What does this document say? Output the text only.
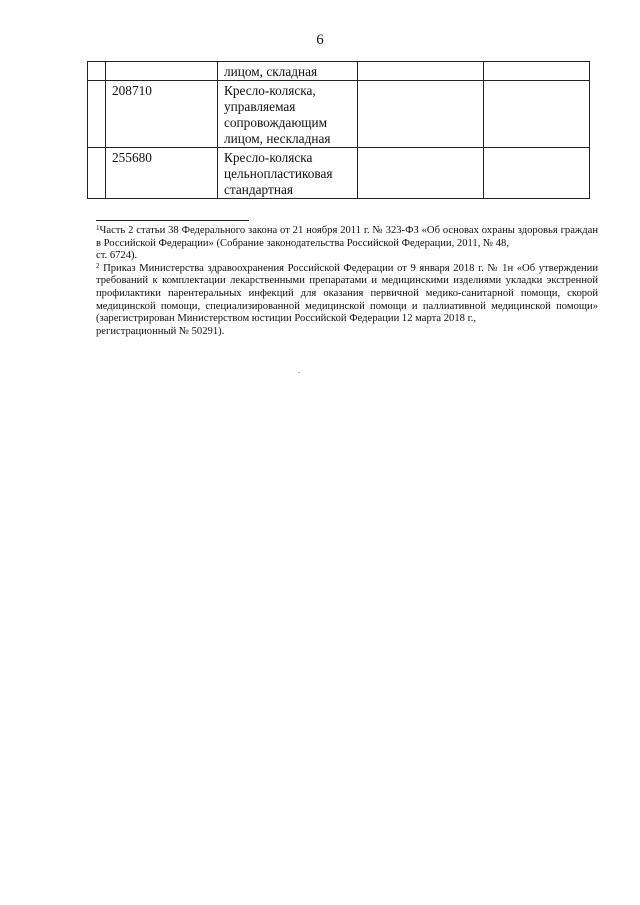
6

		лицом, складная		

	208710	Кресло-коляска,
управляемая
сопровождающим
лицом, нескладная		

	255680	Кресло-коляска
цельнопластиковая
стандартная		

$^1$Часть 2 статьи 38 Федерального закона от 21 ноября 2011 г. № 323-ФЗ «Об основах охраны здоровья граждан в Российской Федерации» (Собрание законодательства Российской Федерации, 2011, № 48,

ст. 6724).

$^2$ Приказ Министерства здравоохранения Российской Федерации от 9 января 2018 г. № 1н «Об утверждении требований к комплектации лекарственными препаратами и медицинскими изделиями укладки экстренной профилактики парентеральных инфекций для оказания первичной медико-санитарной помощи, скорой медицинской помощи, специализированной медицинской помощи и паллиативной медицинской помощи» (зарегистрирован Министерством юстиции Российской Федерации 12 марта 2018 г.,

регистрационный № 50291).
